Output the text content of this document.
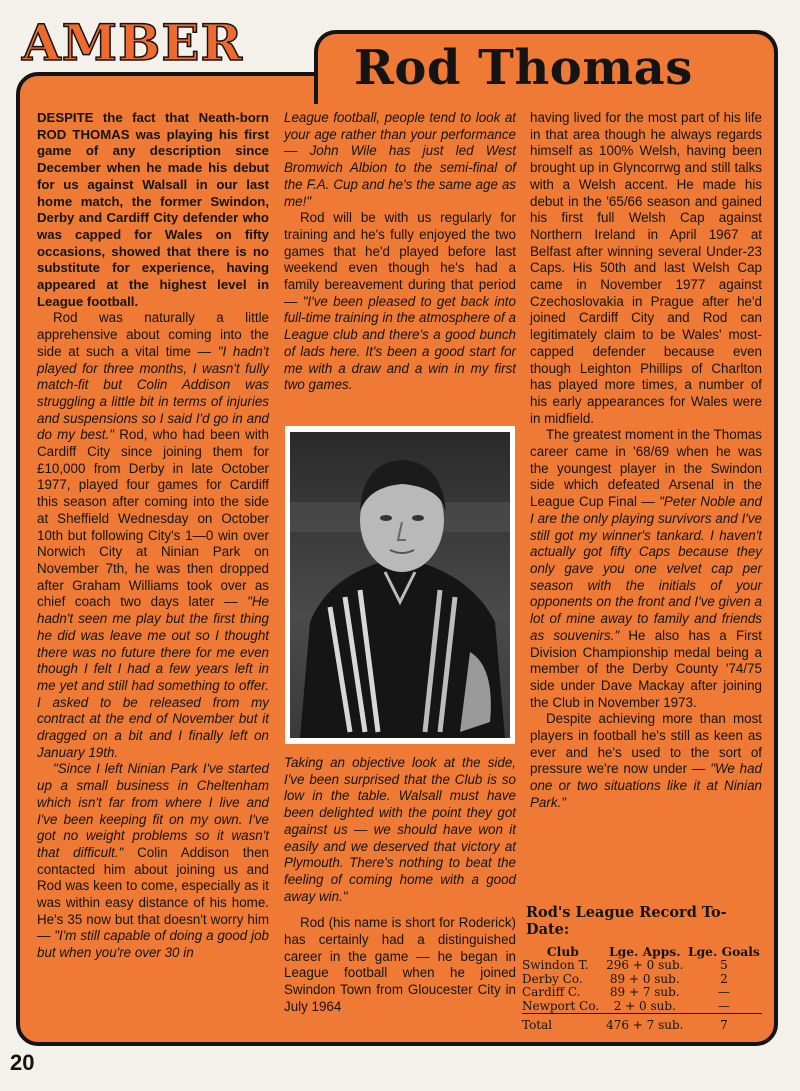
AMBER Rod Thomas

DESPITE the fact that Neath-born ROD THOMAS was playing his first game of any description since December when he made his debut for us against Walsall in our last home match, the former Swindon, Derby and Cardiff City defender who was capped for Wales on fifty occasions, showed that there is no substitute for experience, having appeared at the highest level in League football.

Rod was naturally a little apprehensive about coming into the side at such a vital time — "I hadn't played for three months, I wasn't fully match-fit but Colin Addison was struggling a little bit in terms of injuries and suspensions so I said I'd go in and do my best." Rod, who had been with Cardiff City since joining them for £10,000 from Derby in late October 1977, played four games for Cardiff this season after coming into the side at Sheffield Wednesday on October 10th but following City's 1—0 win over Norwich City at Ninian Park on November 7th, he was then dropped after Graham Williams took over as chief coach two days later — "He hadn't seen me play but the first thing he did was leave me out so I thought there was no future there for me even though I felt I had a few years left in me yet and still had something to offer. I asked to be released from my contract at the end of November but it dragged on a bit and I finally left on January 19th.

"Since I left Ninian Park I've started up a small business in Cheltenham which isn't far from where I live and I've been keeping fit on my own. I've got no weight problems so it wasn't that difficult." Colin Addison then contacted him about joining us and Rod was keen to come, especially as it was within easy distance of his home. He's 35 now but that doesn't worry him — "I'm still capable of doing a good job but when you're over 30 in

League football, people tend to look at your age rather than your performance — John Wile has just led West Bromwich Albion to the semi-final of the F.A. Cup and he's the same age as me!"

Rod will be with us regularly for training and he's fully enjoyed the two games that he'd played before last weekend even though he's had a family bereavement during that period — "I've been pleased to get back into full-time training in the atmosphere of a League club and there's a good bunch of lads here. It's been a good start for me with a draw and a win in my first two games.

Taking an objective look at the side, I've been surprised that the Club is so low in the table. Walsall must have been delighted with the point they got against us — we should have won it easily and we deserved that victory at Plymouth. There's nothing to beat the feeling of coming home with a good away win."

Rod (his name is short for Roderick) has certainly had a distinguished career in the game — he began in League football when he joined Swindon Town from Gloucester City in July 1964

having lived for the most part of his life in that area though he always regards himself as 100% Welsh, having been brought up in Glyncorrwg and still talks with a Welsh accent. He made his debut in the '65/66 season and gained his first full Welsh Cap against Northern Ireland in April 1967 at Belfast after winning several Under-23 Caps. His 50th and last Welsh Cap came in November 1977 against Czechoslovakia in Prague after he'd joined Cardiff City and Rod can legitimately claim to be Wales' most-capped defender because even though Leighton Phillips of Charlton has played more times, a number of his early appearances for Wales were in midfield.

The greatest moment in the Thomas career came in '68/69 when he was the youngest player in the Swindon side which defeated Arsenal in the League Cup Final — "Peter Noble and I are the only playing survivors and I've still got my winner's tankard. I haven't actually got fifty Caps because they only gave you one velvet cap per season with the initials of your opponents on the front and I've given a lot of mine away to family and friends as souvenirs." He also has a First Division Championship medal being a member of the Derby County '74/75 side under Dave Mackay after joining the Club in November 1973.

Despite achieving more than most players in football he's still as keen as ever and he's used to the sort of pressure we're now under — "We had one or two situations like it at Ninian Park."

Rod's League Record To-Date:
Club	Lge. Apps.	Lge. Goals
Swindon T.	296 + 0 sub.	5
Derby Co.	89 + 0 sub.	2
Cardiff C.	89 + 7 sub.	—
Newport Co.	2 + 0 sub.	—
Total	476 + 7 sub.	7
20
